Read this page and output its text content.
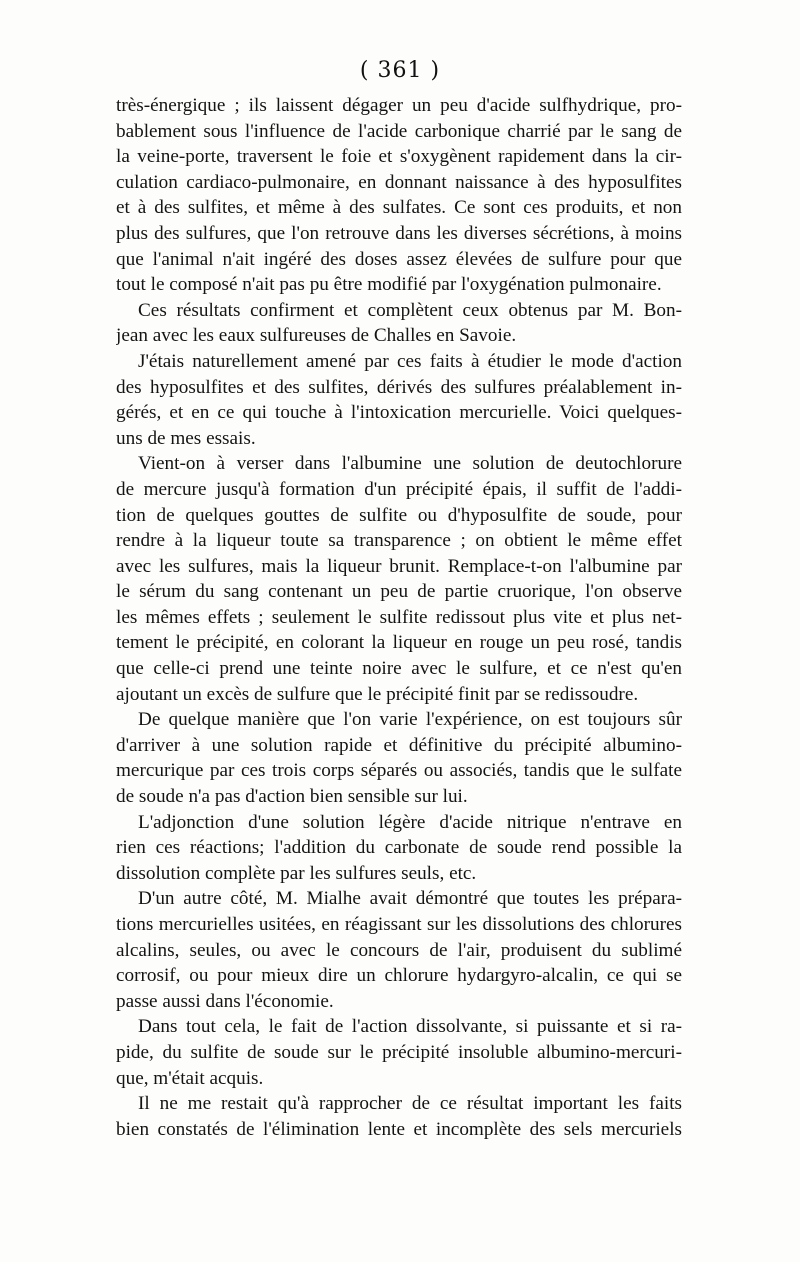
( 361 )

très-énergique ; ils laissent dégager un peu d'acide sulfhydrique, pro-
bablement sous l'influence de l'acide carbonique charrié par le sang de
la veine-porte, traversent le foie et s'oxygènent rapidement dans la cir-
culation cardiaco-pulmonaire, en donnant naissance à des hyposulfites
et à des sulfites, et même à des sulfates. Ce sont ces produits, et non
plus des sulfures, que l'on retrouve dans les diverses sécrétions, à moins
que l'animal n'ait ingéré des doses assez élevées de sulfure pour que
tout le composé n'ait pas pu être modifié par l'oxygénation pulmonaire.

Ces résultats confirment et complètent ceux obtenus par M. Bon-
jean avec les eaux sulfureuses de Challes en Savoie.

J'étais naturellement amené par ces faits à étudier le mode d'action
des hyposulfites et des sulfites, dérivés des sulfures préalablement in-
gérés, et en ce qui touche à l'intoxication mercurielle. Voici quelques-
uns de mes essais.

Vient-on à verser dans l'albumine une solution de deutochlorure
de mercure jusqu'à formation d'un précipité épais, il suffit de l'addi-
tion de quelques gouttes de sulfite ou d'hyposulfite de soude, pour
rendre à la liqueur toute sa transparence ; on obtient le même effet
avec les sulfures, mais la liqueur brunit. Remplace-t-on l'albumine par
le sérum du sang contenant un peu de partie cruorique, l'on observe
les mêmes effets ; seulement le sulfite redissout plus vite et plus net-
tement le précipité, en colorant la liqueur en rouge un peu rosé, tandis
que celle-ci prend une teinte noire avec le sulfure, et ce n'est qu'en
ajoutant un excès de sulfure que le précipité finit par se redissoudre.

De quelque manière que l'on varie l'expérience, on est toujours sûr
d'arriver à une solution rapide et définitive du précipité albumino-
mercurique par ces trois corps séparés ou associés, tandis que le sulfate
de soude n'a pas d'action bien sensible sur lui.

L'adjonction d'une solution légère d'acide nitrique n'entrave en
rien ces réactions; l'addition du carbonate de soude rend possible la
dissolution complète par les sulfures seuls, etc.

D'un autre côté, M. Mialhe avait démontré que toutes les prépara-
tions mercurielles usitées, en réagissant sur les dissolutions des chlorures
alcalins, seules, ou avec le concours de l'air, produisent du sublimé
corrosif, ou pour mieux dire un chlorure hydargyro-alcalin, ce qui se
passe aussi dans l'économie.

Dans tout cela, le fait de l'action dissolvante, si puissante et si ra-
pide, du sulfite de soude sur le précipité insoluble albumino-mercuri-
que, m'était acquis.

Il ne me restait qu'à rapprocher de ce résultat important les faits
bien constatés de l'élimination lente et incomplète des sels mercuriels
